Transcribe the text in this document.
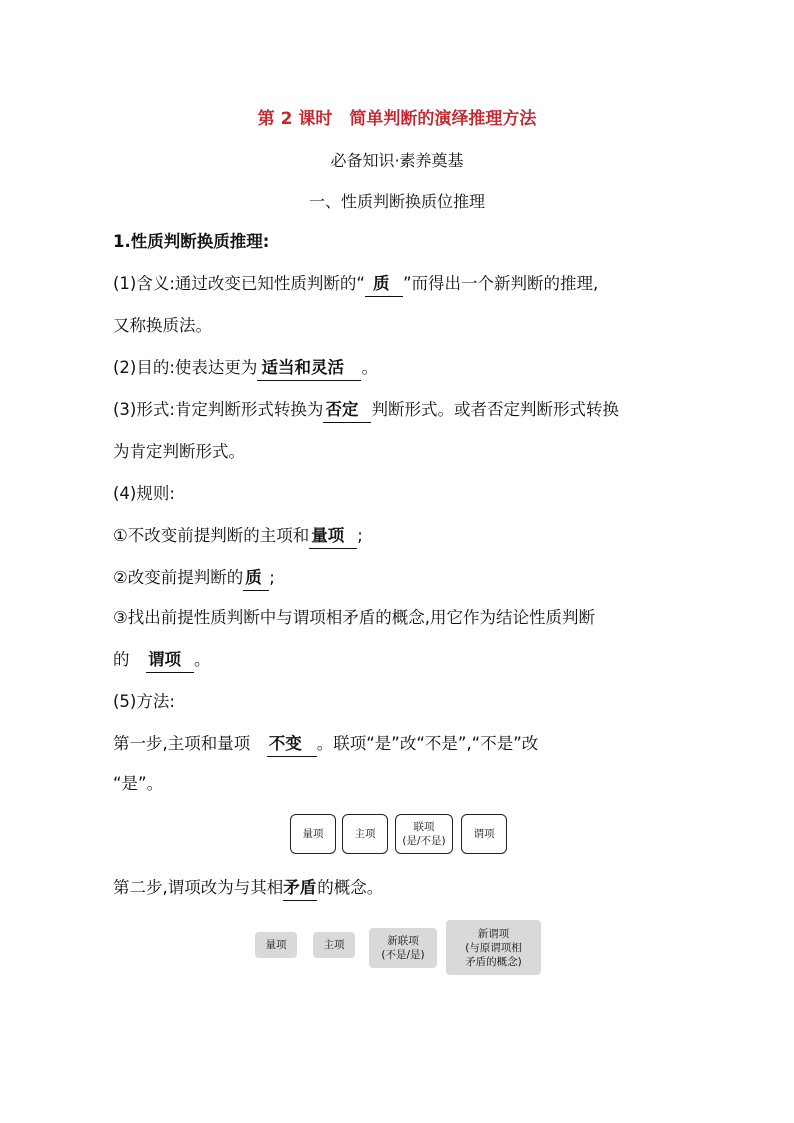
第 2 课时　简单判断的演绎推理方法
必备知识·素养奠基
一、性质判断换质位推理
1.性质判断换质推理:
(1)含义:通过改变已知性质判断的“ 质 ”而得出一个新判断的推理,
又称换质法。
(2)目的:使表达更为 适当和灵活 。
(3)形式:肯定判断形式转换为 否定 判断形式。或者否定判断形式转换
为肯定判断形式。
(4)规则:
①不改变前提判断的主项和 量项 ;
②改变前提判断的 质 ;
③找出前提性质判断中与谓项相矛盾的概念,用它作为结论性质判断
的　 谓项 。
(5)方法:
第一步,主项和量项　 不变 。联项“是”改“不是”,“不是”改
“是”。
量项	主项
联项
(是/不是)
谓项
第二步,谓项改为与其相矛盾的概念。
量项	主项	新联项
(不是/是)
新谓项
(与原谓项相
矛盾的概念)
